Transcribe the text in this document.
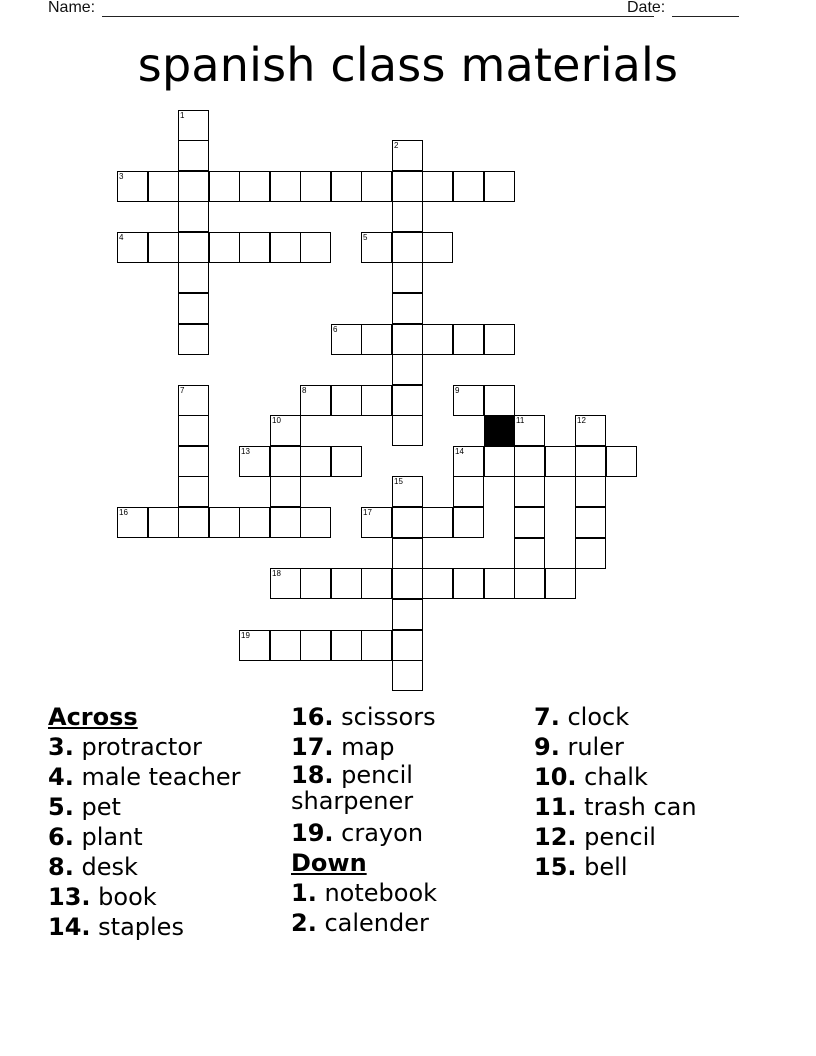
Name:	Date:
spanish class materials
3
4	5
6
8
13	14
16	17
18
19
1
2
7	9
10	11	12
15
Across
3. protractor
4. male teacher
5. pet
6. plant
8. desk
13. book
14. staples
16. scissors
17. map
18. pencil sharpener
19. crayon
Down
1. notebook
2. calender
7. clock
9. ruler
10. chalk
11. trash can
12. pencil
15. bell
